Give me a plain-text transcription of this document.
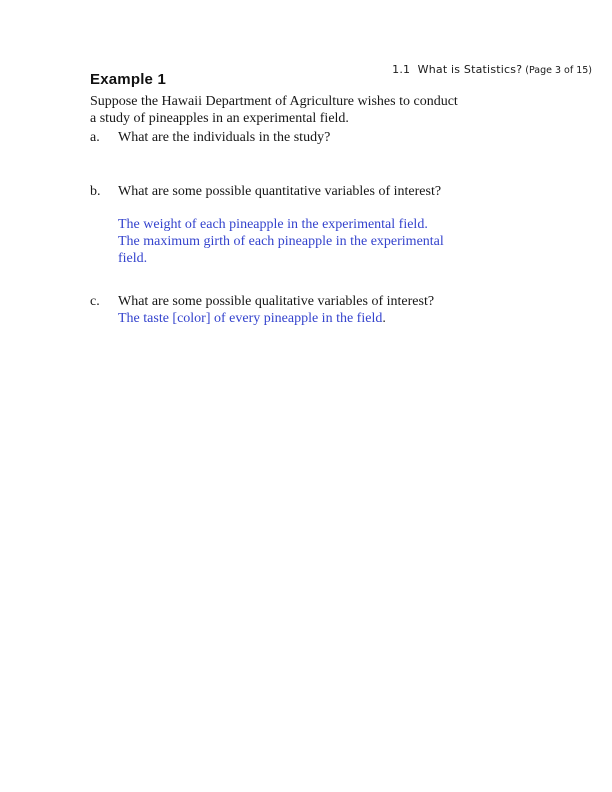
1.1  What is Statistics? (Page 3 of 15)

Example 1
Suppose the Hawaii Department of Agriculture wishes to conduct
a study of pineapples in an experimental field.
a.	What are the individuals in the study?
b.	What are some possible quantitative variables of interest?
The weight of each pineapple in the experimental field.
The maximum girth of each pineapple in the experimental
field.
c.	What are some possible qualitative variables of interest?
The taste [color] of every pineapple in the field.
